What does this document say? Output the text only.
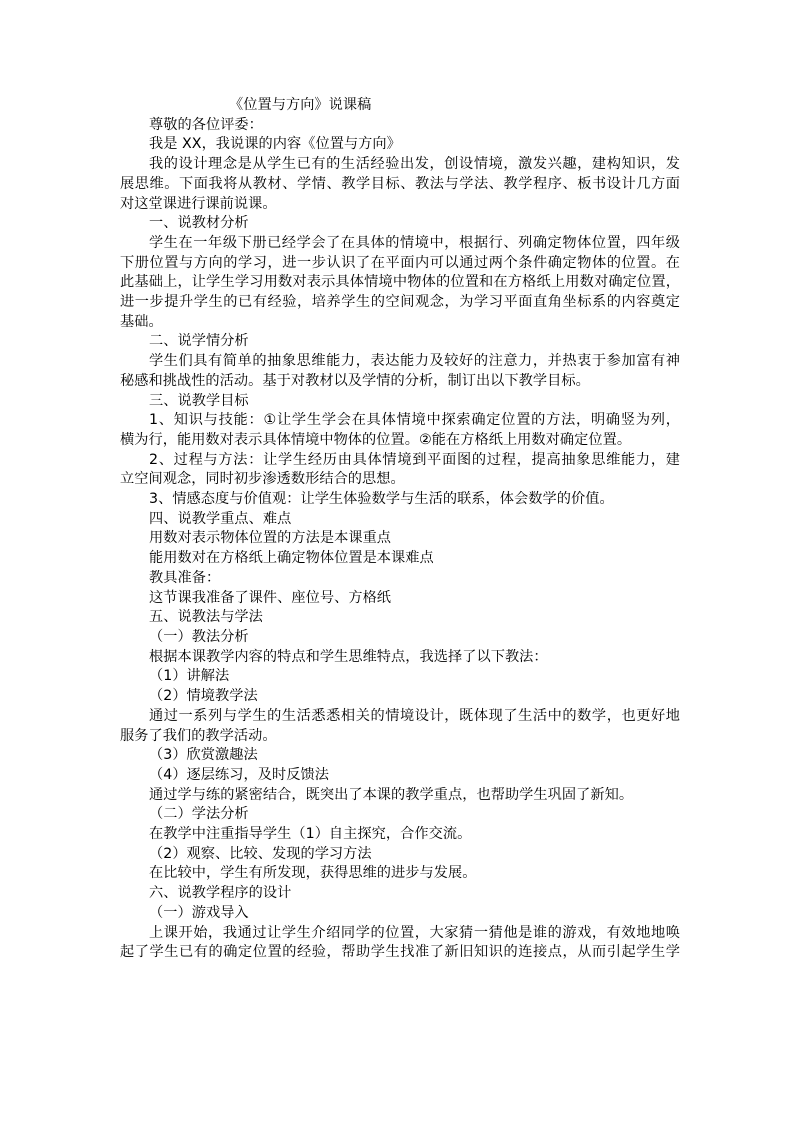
《位置与方向》说课稿

尊敬的各位评委：

我是 XX，我说课的内容《位置与方向》

我的设计理念是从学生已有的生活经验出发，创设情境，激发兴趣，建构知识，发

展思维。下面我将从教材、学情、教学目标、教法与学法、教学程序、板书设计几方面

对这堂课进行课前说课。

一、说教材分析

学生在一年级下册已经学会了在具体的情境中，根据行、列确定物体位置，四年级

下册位置与方向的学习，进一步认识了在平面内可以通过两个条件确定物体的位置。在

此基础上，让学生学习用数对表示具体情境中物体的位置和在方格纸上用数对确定位置，

进一步提升学生的已有经验，培养学生的空间观念，为学习平面直角坐标系的内容奠定

基础。

二、说学情分析

学生们具有简单的抽象思维能力，表达能力及较好的注意力，并热衷于参加富有神

秘感和挑战性的活动。基于对教材以及学情的分析，制订出以下教学目标。

三、说教学目标

1、知识与技能：①让学生学会在具体情境中探索确定位置的方法，明确竖为列，

横为行，能用数对表示具体情境中物体的位置。②能在方格纸上用数对确定位置。

2、过程与方法：让学生经历由具体情境到平面图的过程，提高抽象思维能力，建

立空间观念，同时初步渗透数形结合的思想。

3、情感态度与价值观：让学生体验数学与生活的联系，体会数学的价值。

四、说教学重点、难点

用数对表示物体位置的方法是本课重点

能用数对在方格纸上确定物体位置是本课难点

教具准备：

这节课我准备了课件、座位号、方格纸

五、说教法与学法

（一）教法分析

根据本课教学内容的特点和学生思维特点，我选择了以下教法：

（1）讲解法

（2）情境教学法

通过一系列与学生的生活悉悉相关的情境设计，既体现了生活中的数学，也更好地

服务了我们的教学活动。

（3）欣赏激趣法

（4）逐层练习，及时反馈法

通过学与练的紧密结合，既突出了本课的教学重点，也帮助学生巩固了新知。

（二）学法分析

在教学中注重指导学生（1）自主探究，合作交流。

（2）观察、比较、发现的学习方法

在比较中，学生有所发现，获得思维的进步与发展。

六、说教学程序的设计

（一）游戏导入

上课开始，我通过让学生介绍同学的位置，大家猜一猜他是谁的游戏，有效地地唤

起了学生已有的确定位置的经验，帮助学生找准了新旧知识的连接点，从而引起学生学
